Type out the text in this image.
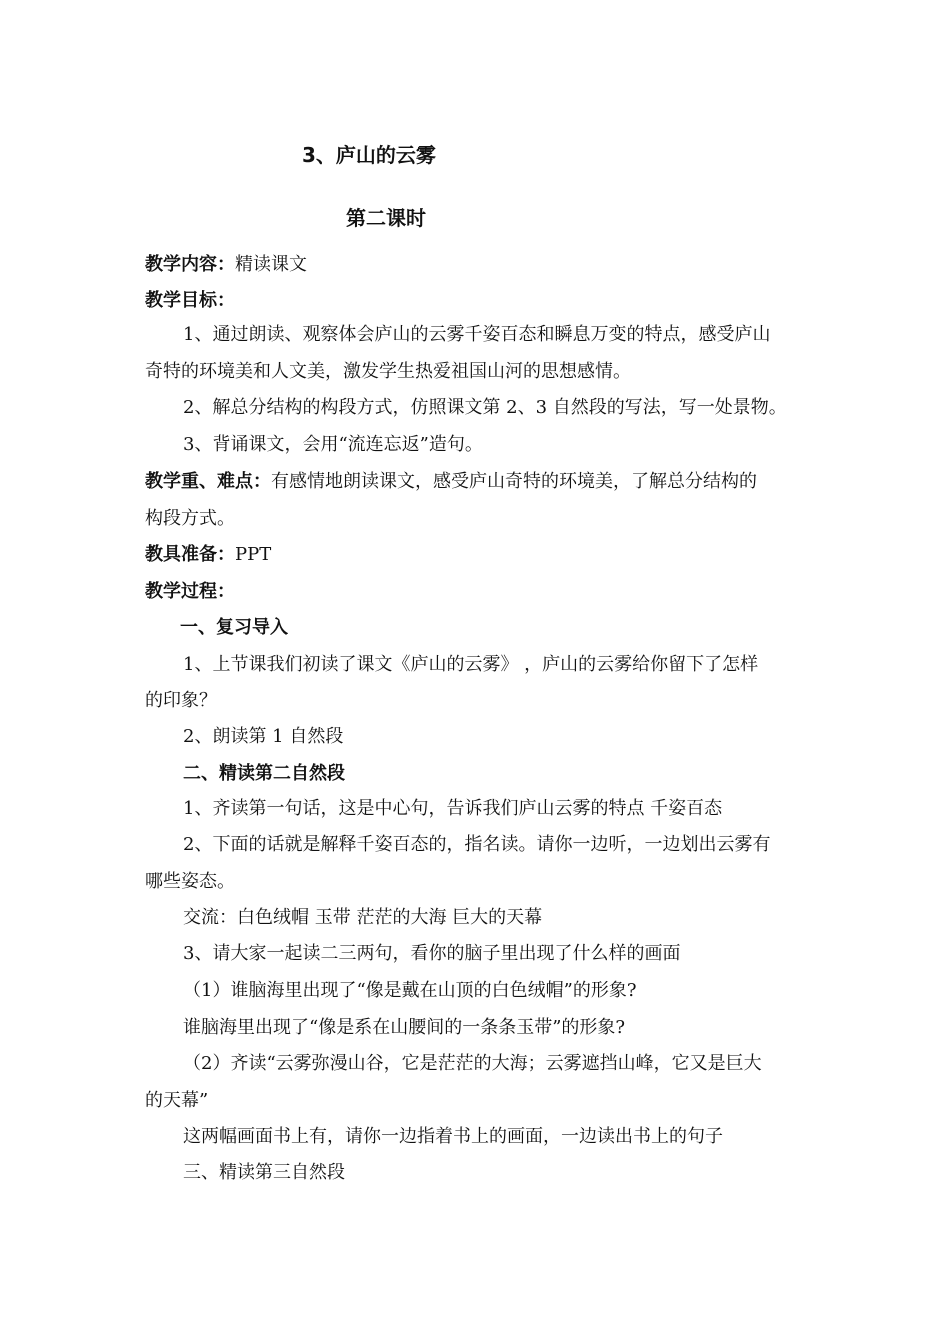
3、庐山的云雾
第二课时
教学内容：精读课文
教学目标：
1、通过朗读、观察体会庐山的云雾千姿百态和瞬息万变的特点，感受庐山
奇特的环境美和人文美，激发学生热爱祖国山河的思想感情。
2、解总分结构的构段方式，仿照课文第 2、3 自然段的写法，写一处景物。
3、背诵课文，会用“流连忘返”造句。
教学重、难点：有感情地朗读课文，感受庐山奇特的环境美，了解总分结构的
构段方式。
教具准备：PPT
教学过程：
一、复习导入
1、上节课我们初读了课文《庐山的云雾》 ，庐山的云雾给你留下了怎样
的印象？
2、朗读第 1 自然段
二、精读第二自然段
1、齐读第一句话，这是中心句，告诉我们庐山云雾的特点 千姿百态
2、下面的话就是解释千姿百态的，指名读。请你一边听，一边划出云雾有
哪些姿态。
交流：白色绒帽 玉带 茫茫的大海 巨大的天幕
3、请大家一起读二三两句，看你的脑子里出现了什么样的画面
（1）谁脑海里出现了“像是戴在山顶的白色绒帽”的形象?
谁脑海里出现了“像是系在山腰间的一条条玉带”的形象?
（2）齐读“云雾弥漫山谷，它是茫茫的大海；云雾遮挡山峰，它又是巨大
的天幕”
这两幅画面书上有，请你一边指着书上的画面，一边读出书上的句子
三、精读第三自然段
